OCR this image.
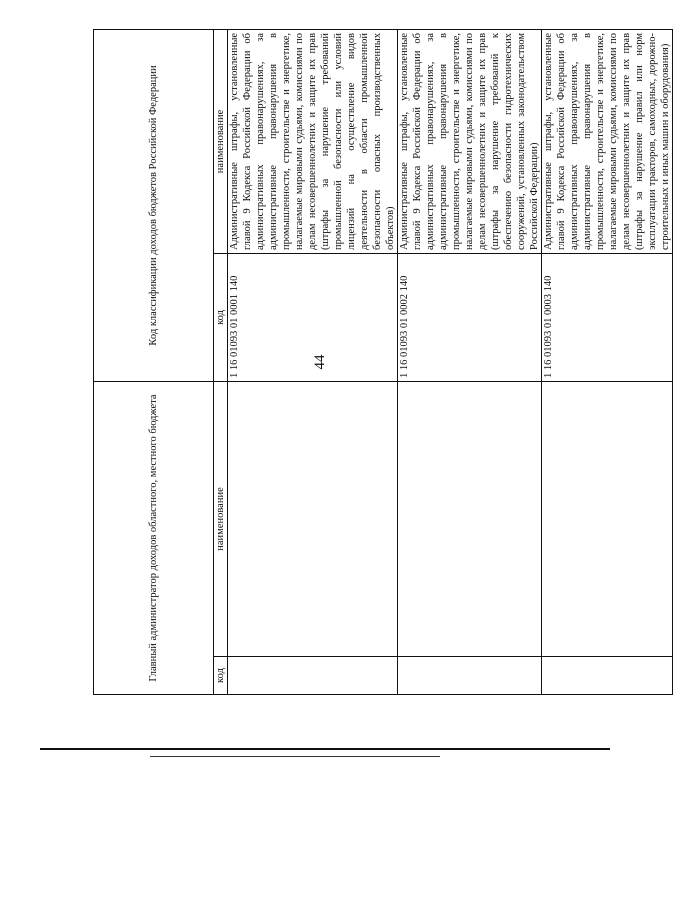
44
Главный администратор доходов областного, местного бюджета		Код классификации доходов бюджетов Российской Федерации	
код	наименование	код	наименование
		1 16 01093 01 0001 140	Административные штрафы, установленные главой 9 Кодекса Российской Федерации об административных правонарушениях, за административные правонарушения в промышленности, строительстве и энергетике, налагаемые мировыми судьями, комиссиями по делам несовершеннолетних и защите их прав (штрафы за нарушение требований промышленной безопасности или условий лицензий на осуществление видов деятельности в области промышленной безопасности опасных производственных объектов)
		1 16 01093 01 0002 140	Административные штрафы, установленные главой 9 Кодекса Российской Федерации об административных правонарушениях, за административные правонарушения в промышленности, строительстве и энергетике, налагаемые мировыми судьями, комиссиями по делам несовершеннолетних и защите их прав (штрафы за нарушение требований к обеспечению безопасности гидротехнических сооружений, установленных законодательством Российской Федерации)
		1 16 01093 01 0003 140	Административные штрафы, установленные главой 9 Кодекса Российской Федерации об административных правонарушениях, за административные правонарушения в промышленности, строительстве и энергетике, налагаемые мировыми судьями, комиссиями по делам несовершеннолетних и защите их прав (штрафы за нарушение правил или норм эксплуатации тракторов, самоходных, дорожно-строительных и иных машин и оборудования)
